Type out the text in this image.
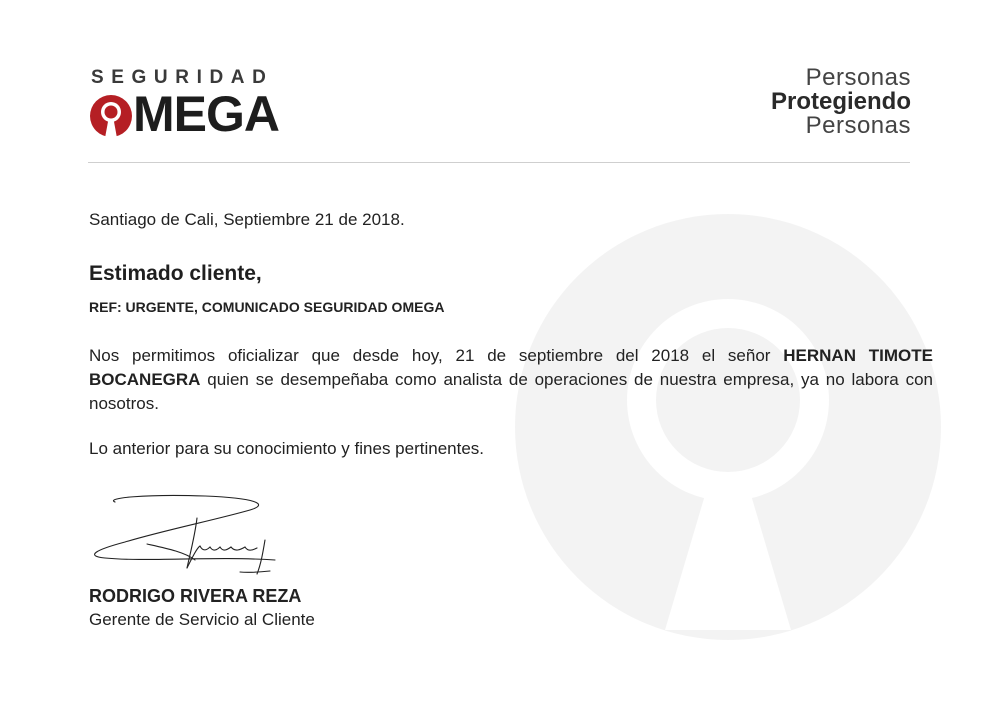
SEGURIDAD
MEGA
Personas
Protegiendo
Personas
Santiago de Cali, Septiembre 21 de 2018.
Estimado cliente,
REF: URGENTE, COMUNICADO SEGURIDAD OMEGA
Nos permitimos oficializar que desde hoy, 21 de septiembre del 2018 el señor HERNAN TIMOTE BOCANEGRA quien se desempeñaba como analista de operaciones de nuestra empresa, ya no labora con nosotros.
Lo anterior para su conocimiento y fines pertinentes.
RODRIGO RIVERA REZA
Gerente de Servicio al Cliente
